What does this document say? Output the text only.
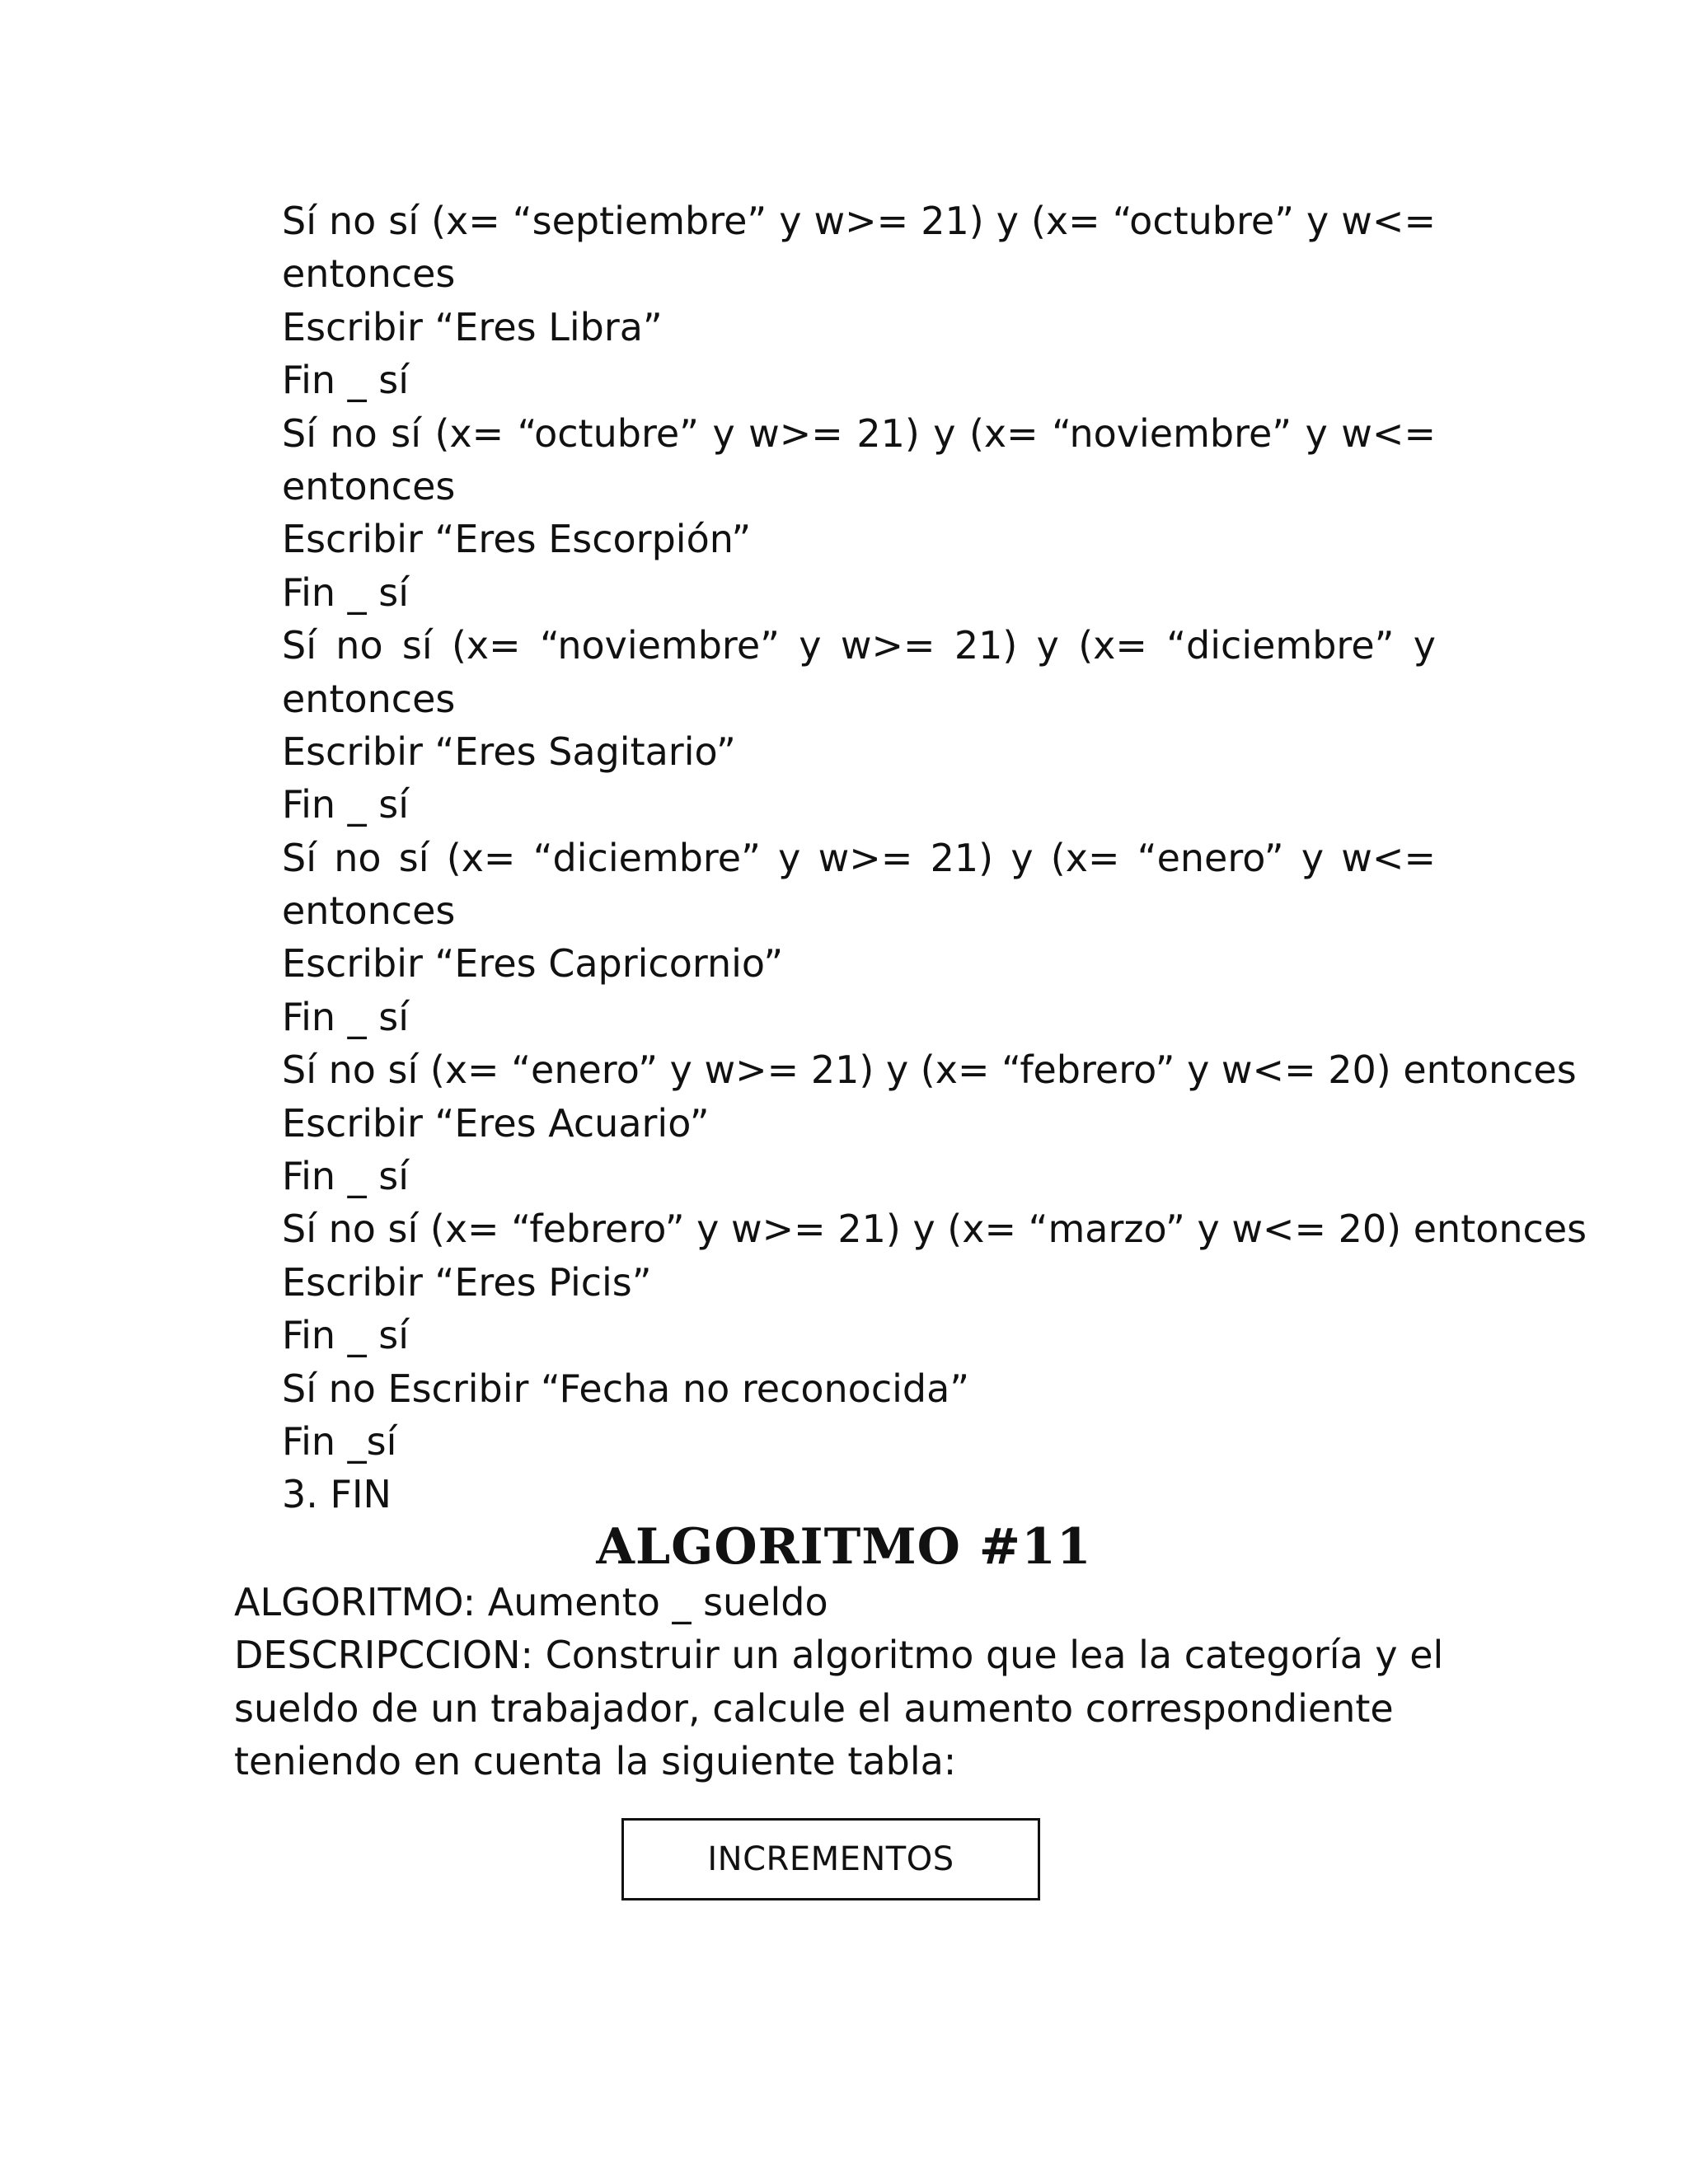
Sí no sí (x= “septiembre” y w>= 21) y (x= “octubre” y w<=
entonces
Escribir “Eres Libra”
Fin _ sí
Sí no sí (x= “octubre” y w>= 21) y (x= “noviembre” y w<=
entonces
Escribir “Eres Escorpión”
Fin _ sí
Sí no sí (x= “noviembre” y w>= 21) y (x= “diciembre” y
entonces
Escribir “Eres Sagitario”
Fin _ sí
Sí no sí (x= “diciembre” y w>= 21) y (x= “enero” y w<=
entonces
Escribir “Eres Capricornio”
Fin _ sí
Sí no sí (x= “enero” y w>= 21) y (x= “febrero” y w<= 20) entonces
Escribir “Eres Acuario”
Fin _ sí
Sí no sí (x= “febrero” y w>= 21) y (x= “marzo” y w<= 20) entonces
Escribir “Eres Picis”
Fin _ sí
Sí no Escribir “Fecha no reconocida”
Fin _sí
3. FIN
ALGORITMO #11
ALGORITMO: Aumento _ sueldo
DESCRIPCCION: Construir un algoritmo que lea la categoría y el
sueldo de un trabajador, calcule el aumento correspondiente
teniendo en cuenta la siguiente tabla:
INCREMENTOS
